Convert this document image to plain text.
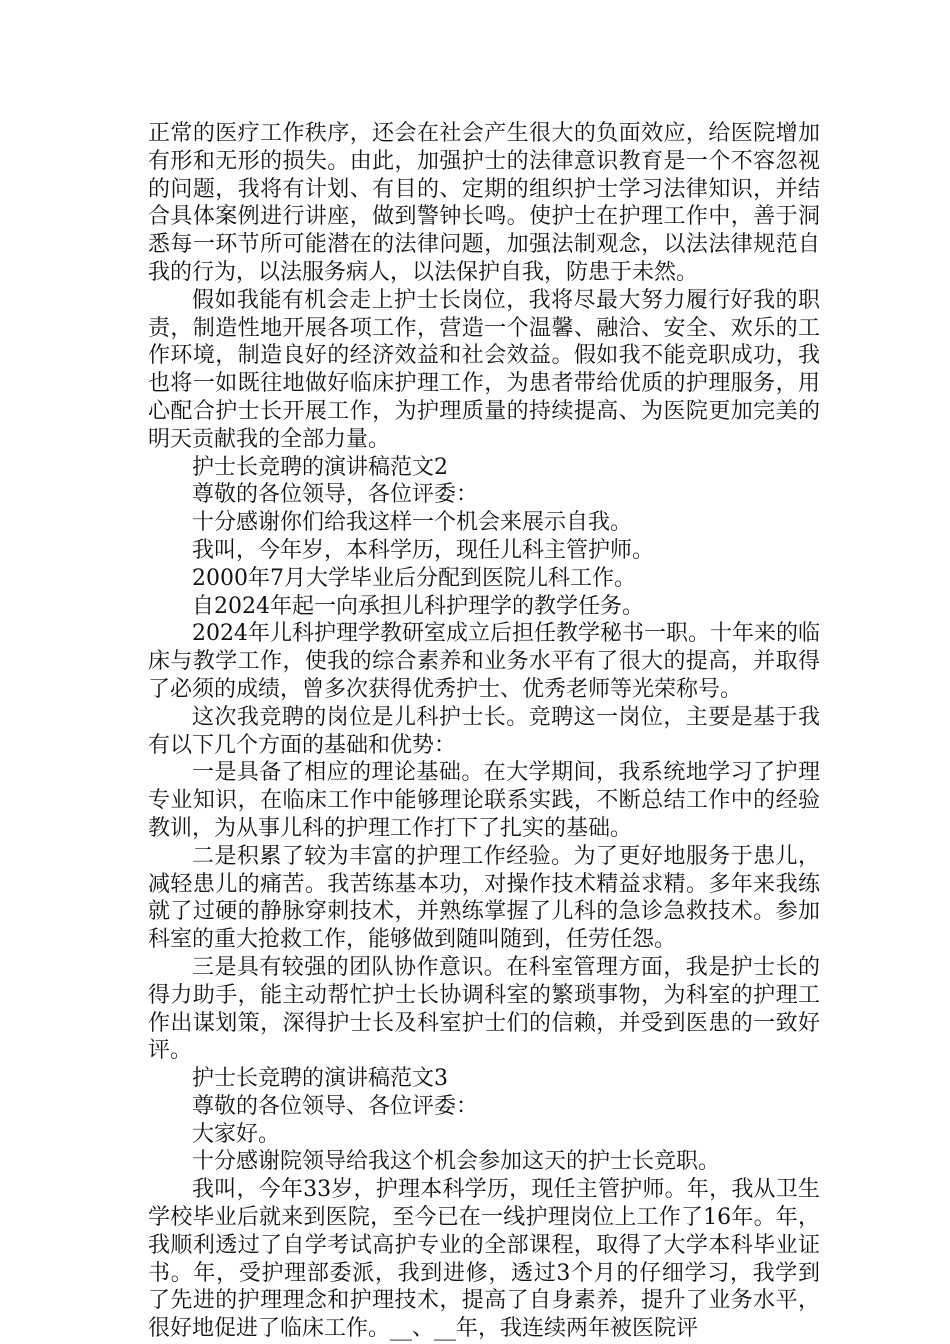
正常的医疗工作秩序，还会在社会产生很大的负面效应，给医院增加有形和无形的损失。由此，加强护士的法律意识教育是一个不容忽视的问题，我将有计划、有目的、定期的组织护士学习法律知识，并结合具体案例进行讲座，做到警钟长鸣。使护士在护理工作中，善于洞悉每一环节所可能潜在的法律问题，加强法制观念，以法法律规范自我的行为，以法服务病人，以法保护自我，防患于未然。

假如我能有机会走上护士长岗位，我将尽最大努力履行好我的职责，制造性地开展各项工作，营造一个温馨、融洽、安全、欢乐的工作环境，制造良好的经济效益和社会效益。假如我不能竞职成功，我也将一如既往地做好临床护理工作，为患者带给优质的护理服务，用心配合护士长开展工作，为护理质量的持续提高、为医院更加完美的明天贡献我的全部力量。

护士长竞聘的演讲稿范文2

尊敬的各位领导，各位评委：

十分感谢你们给我这样一个机会来展示自我。

我叫，今年岁，本科学历，现任儿科主管护师。

2000年7月大学毕业后分配到医院儿科工作。

自2024年起一向承担儿科护理学的教学任务。

2024年儿科护理学教研室成立后担任教学秘书一职。十年来的临床与教学工作，使我的综合素养和业务水平有了很大的提高，并取得了必须的成绩，曾多次获得优秀护士、优秀老师等光荣称号。

这次我竞聘的岗位是儿科护士长。竞聘这一岗位，主要是基于我有以下几个方面的基础和优势：

一是具备了相应的理论基础。在大学期间，我系统地学习了护理专业知识，在临床工作中能够理论联系实践，不断总结工作中的经验教训，为从事儿科的护理工作打下了扎实的基础。

二是积累了较为丰富的护理工作经验。为了更好地服务于患儿，减轻患儿的痛苦。我苦练基本功，对操作技术精益求精。多年来我练就了过硬的静脉穿刺技术，并熟练掌握了儿科的急诊急救技术。参加科室的重大抢救工作，能够做到随叫随到，任劳任怨。

三是具有较强的团队协作意识。在科室管理方面，我是护士长的得力助手，能主动帮忙护士长协调科室的繁琐事物，为科室的护理工作出谋划策，深得护士长及科室护士们的信赖，并受到医患的一致好评。

护士长竞聘的演讲稿范文3

尊敬的各位领导、各位评委：

大家好。

十分感谢院领导给我这个机会参加这天的护士长竞职。

我叫，今年33岁，护理本科学历，现任主管护师。年，我从卫生学校毕业后就来到医院，至今已在一线护理岗位上工作了16年。年，我顺利透过了自学考试高护专业的全部课程，取得了大学本科毕业证书。年，受护理部委派，我到进修，透过3个月的仔细学习，我学到了先进的护理理念和护理技术，提高了自身素养，提升了业务水平，很好地促进了临床工作。__、__年，我连续两年被医院评
